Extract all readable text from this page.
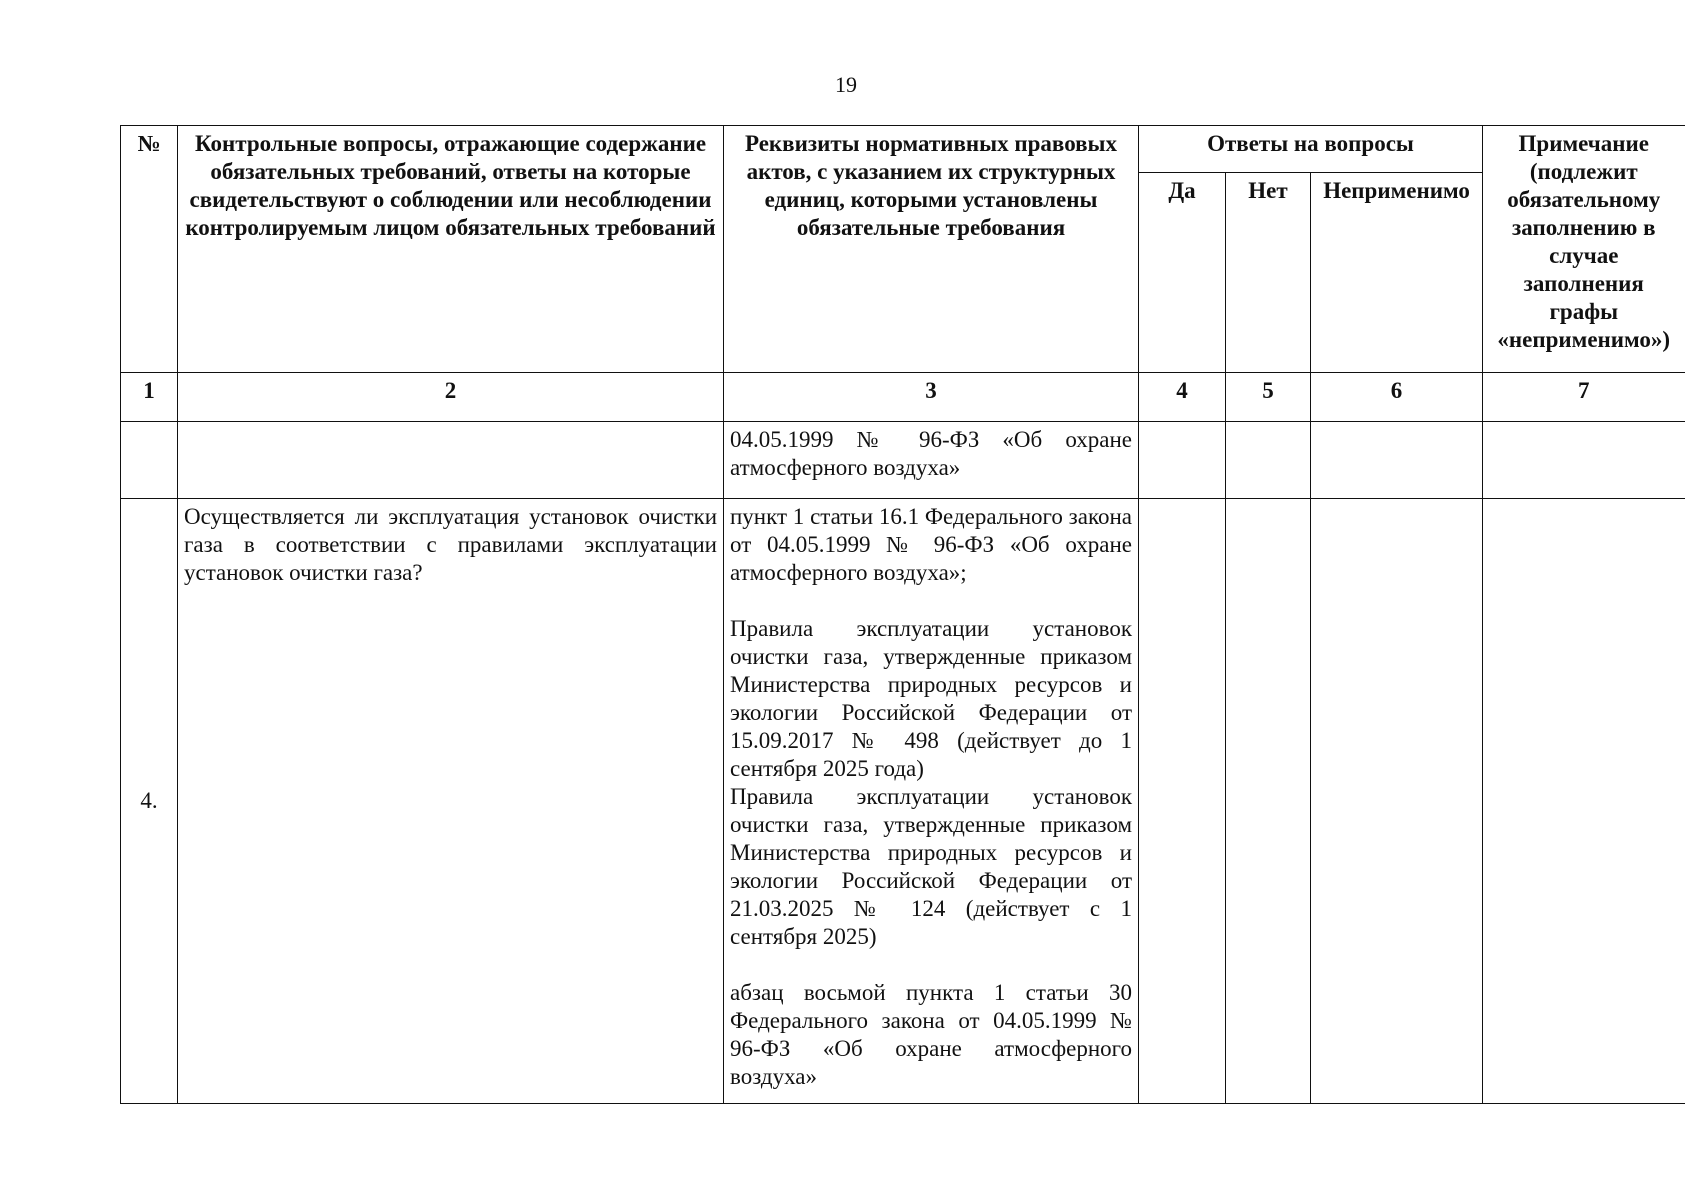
19
№	Контрольные вопросы, отражающие содержание обязательных требований, ответы на которые свидетельствуют о соблюдении или несоблюдении контролируемым лицом обязательных требований	Реквизиты нормативных правовых актов, с указанием их структурных единиц, которыми установлены обязательные требования	Ответы на вопросы			Примечание (подлежит обязательному заполнению в случае заполнения графы «неприменимо»)
			Да	Нет	Неприменимо	
1	2	3	4	5	6	7

		04.05.1999 № 96-ФЗ «Об охране атмосферного воздуха»				

4.	Осуществляется ли эксплуатация установок очистки газа в соответствии с правилами эксплуатации установок очистки газа?	пункт 1 статьи 16.1 Федерального закона от 04.05.1999 № 96-ФЗ «Об охране атмосферного воздуха»;
Правила эксплуатации установок очистки газа, утвержденные приказом Министерства природных ресурсов и экологии Российской Федерации от 15.09.2017 № 498 (действует до 1 сентября 2025 года)
Правила эксплуатации установок очистки газа, утвержденные приказом Министерства природных ресурсов и экологии Российской Федерации от 21.03.2025 № 124 (действует с 1 сентября 2025)
абзац восьмой пункта 1 статьи 30 Федерального закона от 04.05.1999 № 96-ФЗ «Об охране атмосферного воздуха»				
